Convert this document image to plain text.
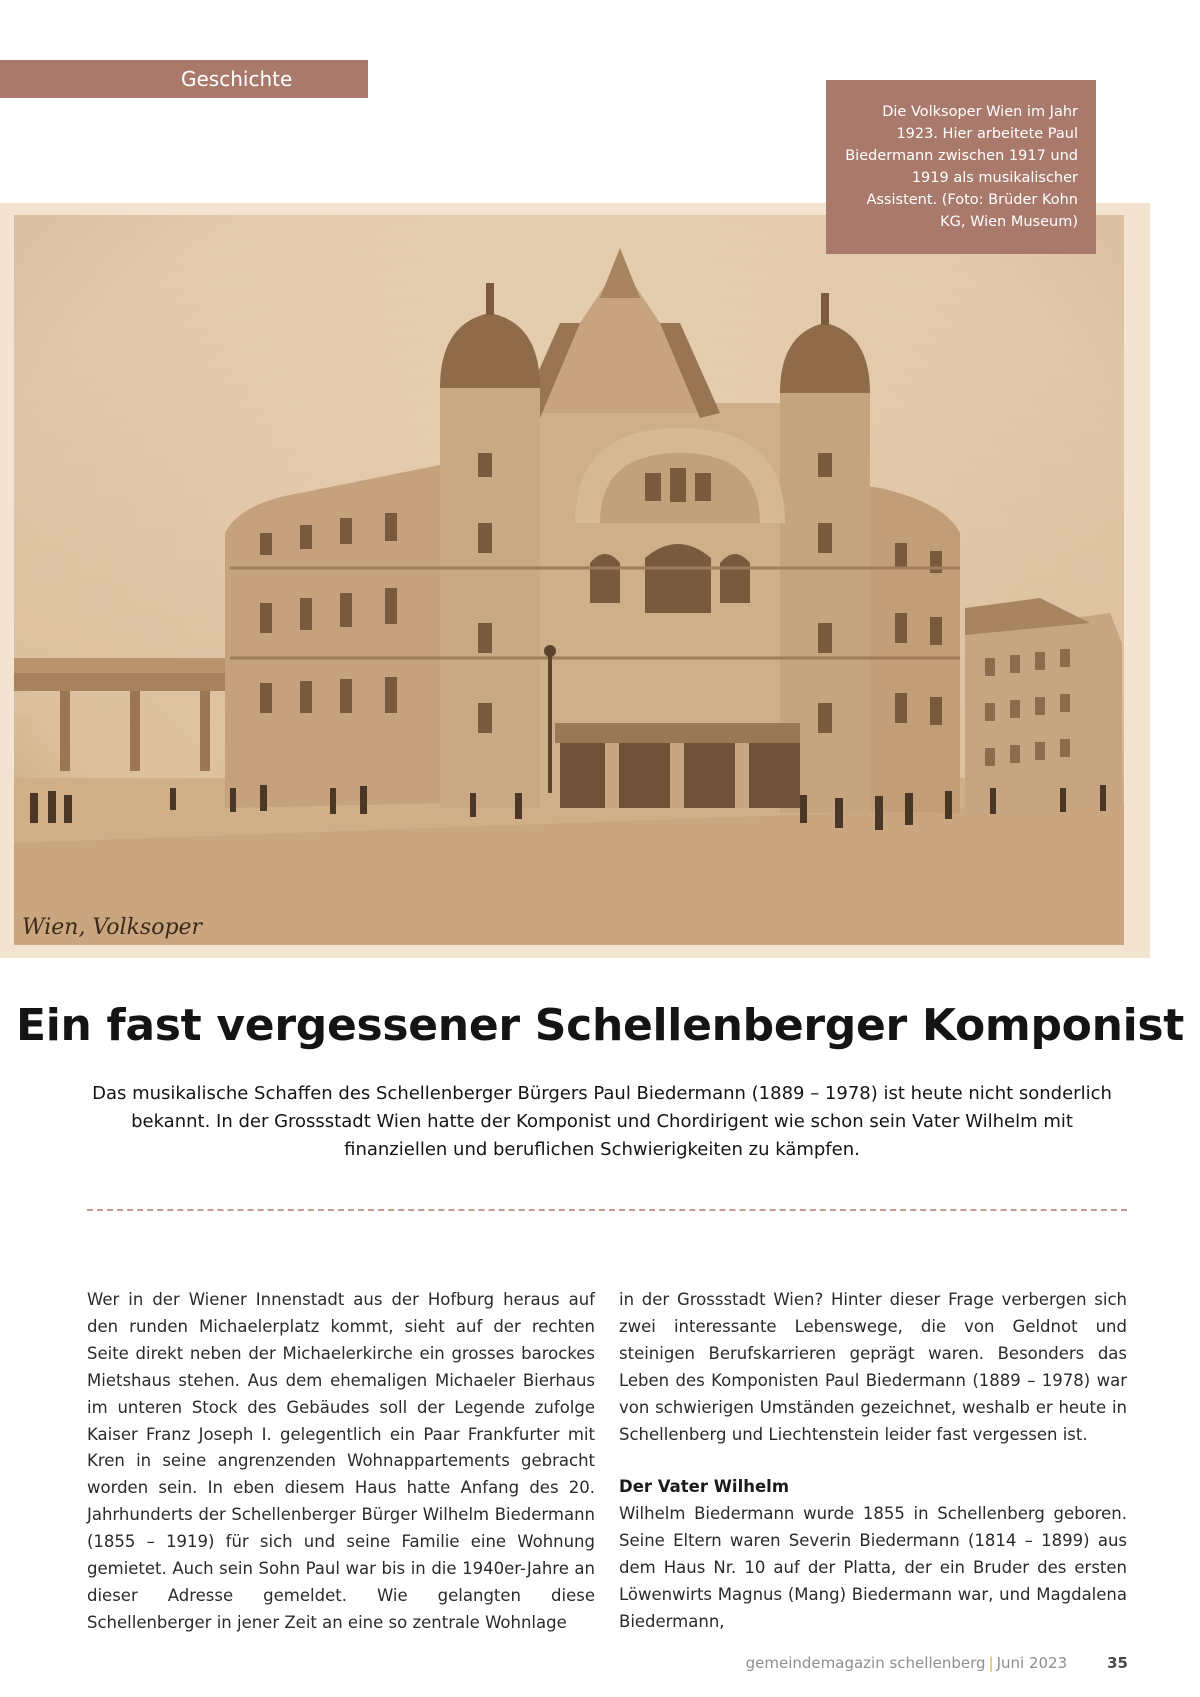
Geschichte
Wien, Volksoper
Die Volksoper Wien im Jahr 1923. Hier arbeitete Paul Biedermann zwischen 1917 und 1919 als musikalischer Assistent. (Foto: Brüder Kohn KG, Wien Museum)
Ein fast vergessener Schellenberger Komponist

Das musikalische Schaffen des Schellenberger Bürgers Paul Biedermann (1889 – 1978) ist heute nicht sonderlich bekannt. In der Grossstadt Wien hatte der Komponist und Chordirigent wie schon sein Vater Wilhelm mit finanziellen und beruflichen Schwierigkeiten zu kämpfen.

Wer in der Wiener Innenstadt aus der Hofburg heraus auf den runden Michaelerplatz kommt, sieht auf der rechten Seite direkt neben der Michaelerkirche ein grosses barockes Mietshaus stehen. Aus dem ehemaligen Michaeler Bierhaus im unteren Stock des Gebäudes soll der Legende zufolge Kaiser Franz Joseph I. gelegentlich ein Paar Frankfurter mit Kren in seine angrenzenden Wohnappartements gebracht worden sein. In eben diesem Haus hatte Anfang des 20. Jahrhunderts der Schellenberger Bürger Wilhelm Biedermann (1855 – 1919) für sich und seine Familie eine Wohnung gemietet. Auch sein Sohn Paul war bis in die 1940er-Jahre an dieser Adresse gemeldet. Wie gelangten diese Schellenberger in jener Zeit an eine so zentrale Wohnlage

in der Grossstadt Wien? Hinter dieser Frage verbergen sich zwei interessante Lebenswege, die von Geldnot und steinigen Berufskarrieren geprägt waren. Besonders das Leben des Komponisten Paul Biedermann (1889 – 1978) war von schwierigen Umständen gezeichnet, weshalb er heute in Schellenberg und Liechtenstein leider fast vergessen ist.

Der Vater Wilhelm

Wilhelm Biedermann wurde 1855 in Schellenberg geboren. Seine Eltern waren Severin Biedermann (1814 – 1899) aus dem Haus Nr. 10 auf der Platta, der ein Bruder des ersten Löwenwirts Magnus (Mang) Biedermann war, und Magdalena Biedermann,

gemeindemagazin schellenberg | Juni 2023	35
